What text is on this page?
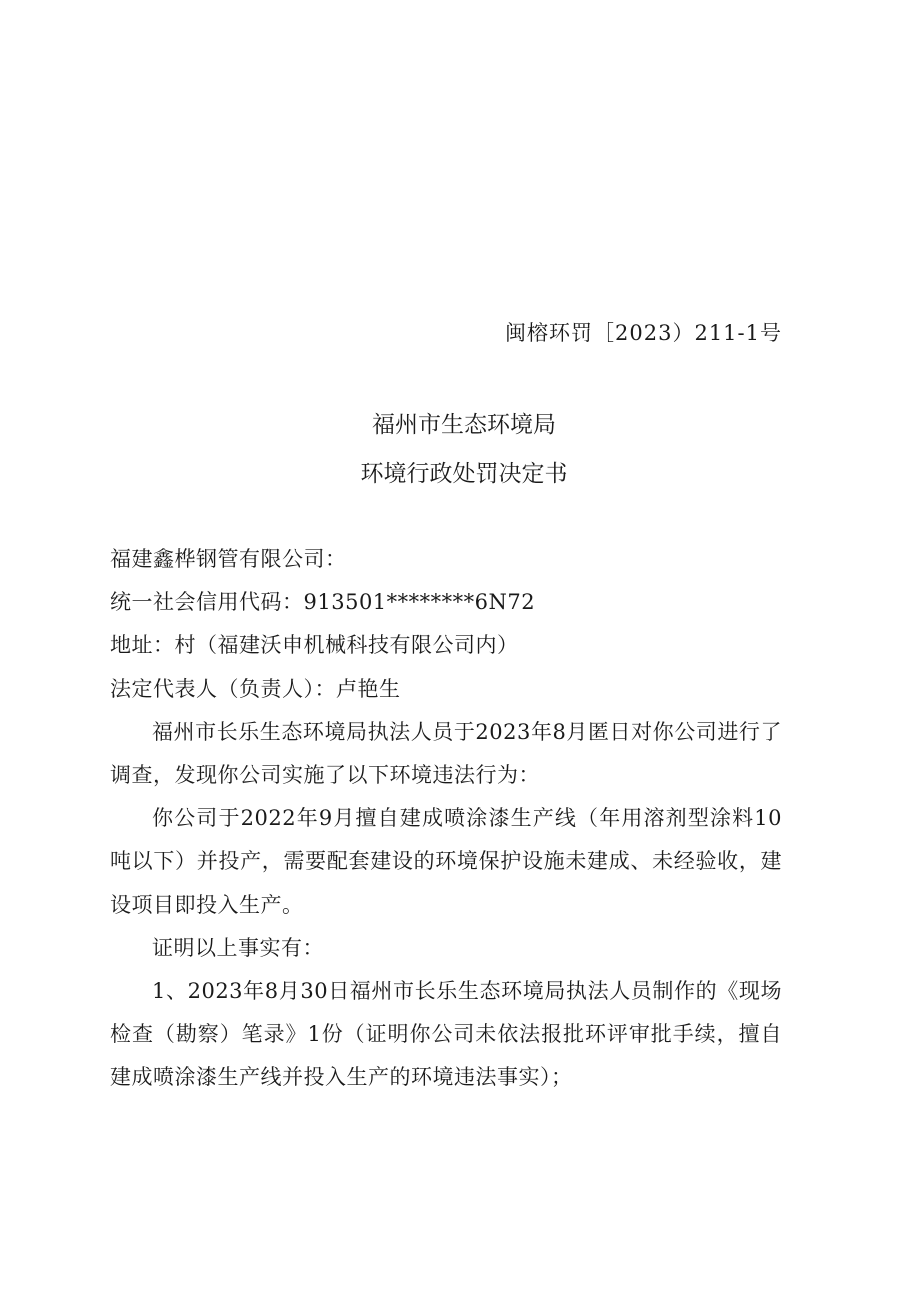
闽榕环罚［2023）211-1号
福州市生态环境局
环境行政处罚决定书

福建鑫桦钢管有限公司：

统一社会信用代码：913501********6N72

地址：村（福建沃申机械科技有限公司内）

法定代表人（负责人）：卢艳生

福州市长乐生态环境局执法人员于2023年8月匿日对你公司进行了调查，发现你公司实施了以下环境违法行为：

你公司于2022年9月擅自建成喷涂漆生产线（年用溶剂型涂料10吨以下）并投产，需要配套建设的环境保护设施未建成、未经验收，建设项目即投入生产。

证明以上事实有：

1、2023年8月30日福州市长乐生态环境局执法人员制作的《现场检查（勘察）笔录》1份（证明你公司未依法报批环评审批手续，擅自建成喷涂漆生产线并投入生产的环境违法事实）；
